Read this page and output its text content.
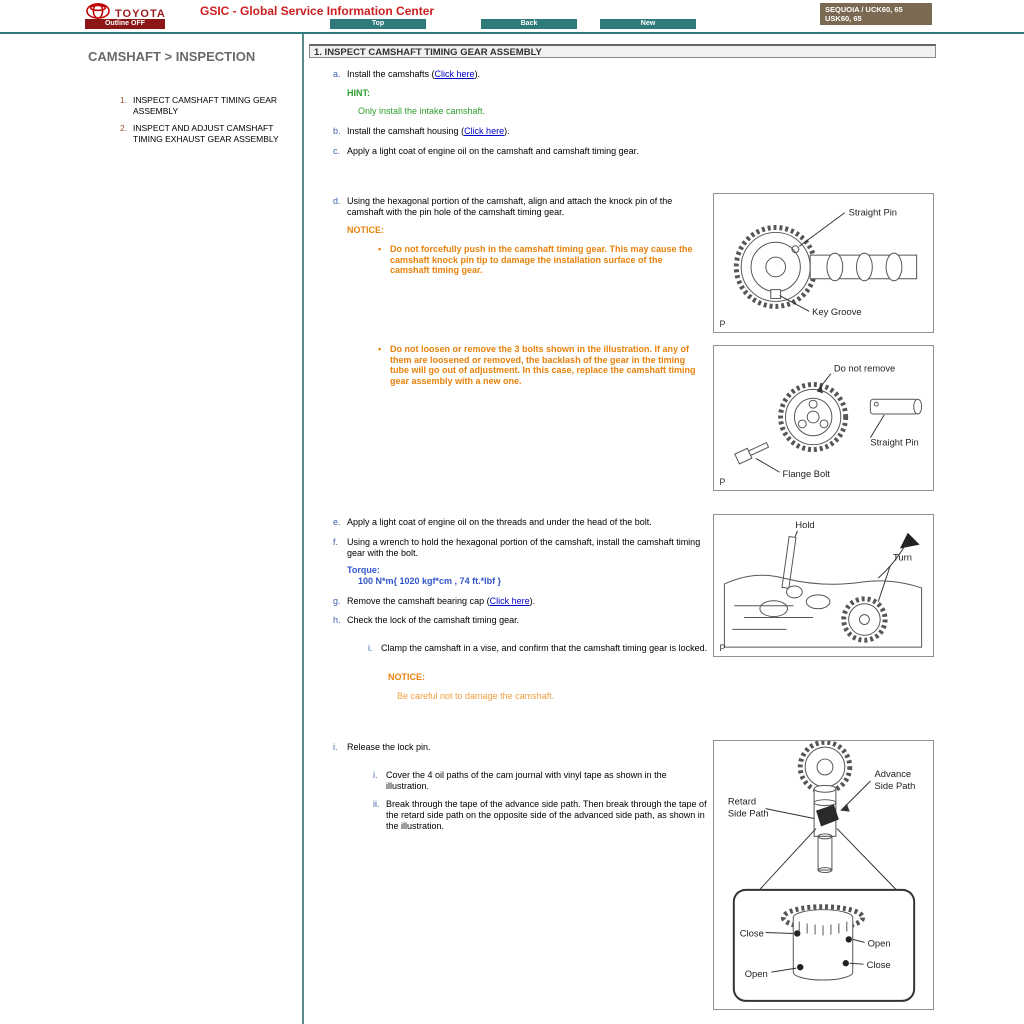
TOYOTA	GSIC - Global Service Information Center	SEQUOIA / UCK60, 65
USK60, 65
Outline OFF	Top	Back	New
CAMSHAFT > INSPECTION
1. INSPECT CAMSHAFT TIMING GEAR ASSEMBLY
2. INSPECT AND ADJUST CAMSHAFT TIMING EXHAUST GEAR ASSEMBLY
1. INSPECT CAMSHAFT TIMING GEAR ASSEMBLY
a. Install the camshafts (Click here).
HINT:
Only install the intake camshaft.
b. Install the camshaft housing (Click here).
c. Apply a light coat of engine oil on the camshaft and camshaft timing gear.
d. Using the hexagonal portion of the camshaft, align and attach the knock pin of the camshaft with the pin hole of the camshaft timing gear.
NOTICE:
• Do not forcefully push in the camshaft timing gear. This may cause the camshaft knock pin tip to damage the installation surface of the camshaft timing gear.
• Do not loosen or remove the 3 bolts shown in the illustration. If any of them are loosened or removed, the backlash of the gear in the timing tube will go out of adjustment. In this case, replace the camshaft timing gear assembly with a new one.
e. Apply a light coat of engine oil on the threads and under the head of the bolt.
f. Using a wrench to hold the hexagonal portion of the camshaft, install the camshaft timing gear with the bolt.
Torque:
100 N*m{ 1020 kgf*cm , 74 ft.*lbf }
g. Remove the camshaft bearing cap (Click here).
h. Check the lock of the camshaft timing gear.
i. Clamp the camshaft in a vise, and confirm that the camshaft timing gear is locked.
NOTICE:
Be careful not to damage the camshaft.
i.	Release the lock pin.
i. Cover the 4 oil paths of the cam journal with vinyl tape as shown in the illustration.
ii. Break through the tape of the advance side path. Then break through the tape of the retard side path on the opposite side of the advanced side path, as shown in the illustration.
Straight Pin
Key Groove
P
Do not remove
Straight Pin
Flange Bolt
P
Hold
Turn
P
Advance
Side Path
Retard
Side Path
Close
Open
Open
Close
